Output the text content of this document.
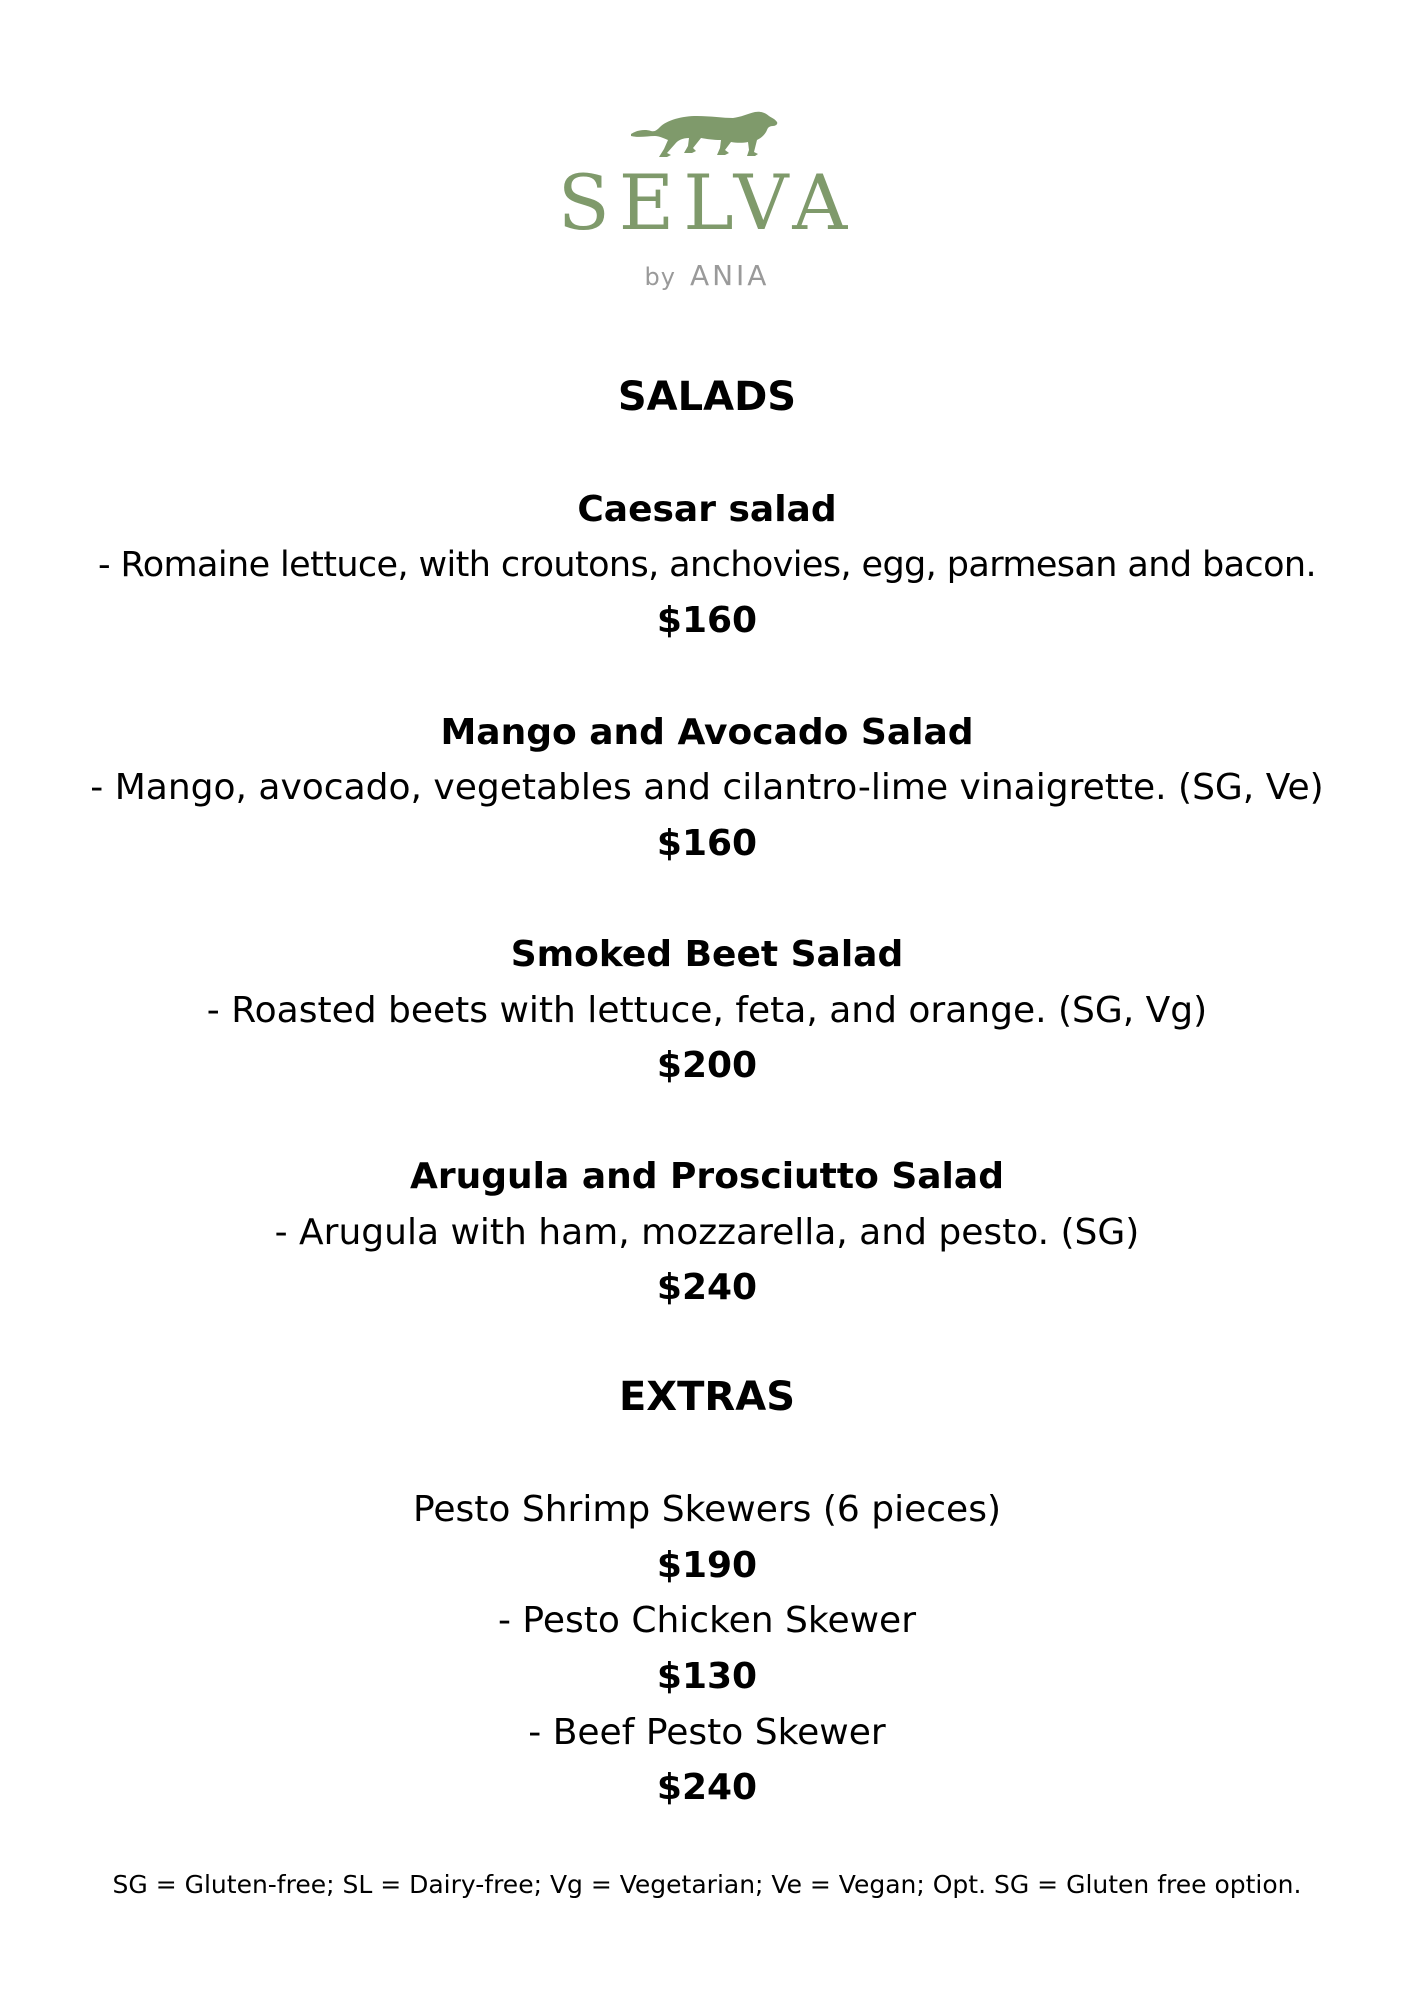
SELVA
by ANIA
SALADS
Caesar salad
- Romaine lettuce, with croutons, anchovies, egg, parmesan and bacon.
$160
Mango and Avocado Salad
- Mango, avocado, vegetables and cilantro-lime vinaigrette. (SG, Ve)
$160
Smoked Beet Salad
- Roasted beets with lettuce, feta, and orange. (SG, Vg)
$200
Arugula and Prosciutto Salad
- Arugula with ham, mozzarella, and pesto. (SG)
$240
EXTRAS
Pesto Shrimp Skewers (6 pieces)
$190
- Pesto Chicken Skewer
$130
- Beef Pesto Skewer
$240
SG = Gluten-free; SL = Dairy-free; Vg = Vegetarian; Ve = Vegan; Opt. SG = Gluten free option.
